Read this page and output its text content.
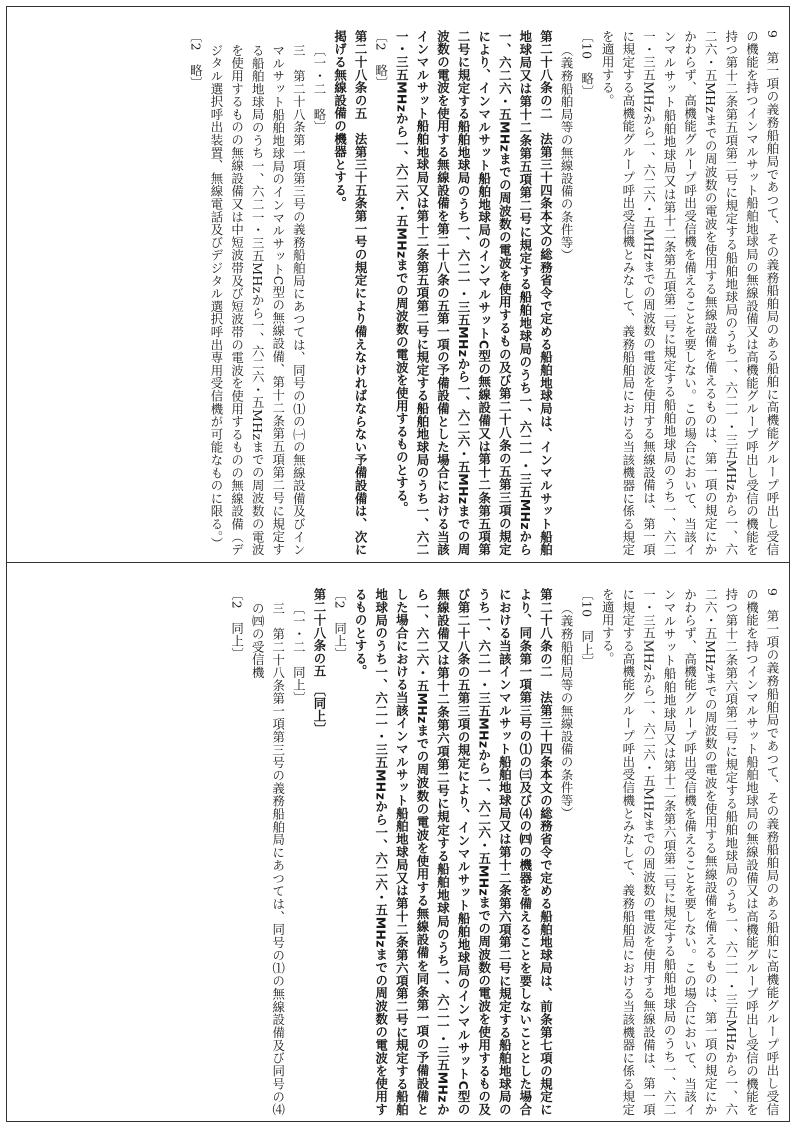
9　第一項の義務船舶局であつて、その義務船舶局のある船舶に高機能グループ呼出し受信の機能を持つインマルサット船舶地球局の無線設備又は高機能グループ呼出し受信の機能を持つ第十二条第五項第二号に規定する船舶地球局のうち一、六二一・三五MHzから一、六二六・五MHzまでの周波数の電波を使用する無線設備を備えるものは、第一項の規定にかかわらず、高機能グループ呼出受信機を備えることを要しない。この場合において、当該インマルサット船舶地球局又は第十二条第五項第二号に規定する船舶地球局のうち一、六二一・三五MHzから一、六二六・五MHzまでの周波数の電波を使用する無線設備は、第一項に規定する高機能グループ呼出受信機とみなして、義務船舶局における当該機器に係る規定を適用する。

〔10　略〕

（義務船舶局等の無線設備の条件等）

第二十八条の二　法第三十四条本文の総務省令で定める船舶地球局は、インマルサット船舶地球局又は第十二条第五項第二号に規定する船舶地球局のうち一、六二一・三五MHzから一、六二六・五MHzまでの周波数の電波を使用するもの及び第二十八条の五第三項の規定により、インマルサット船舶地球局のインマルサットC型の無線設備又は第十二条第五項第二号に規定する船舶地球局のうち一、六二一・三五MHzから一、六二六・五MHzまでの周波数の電波を使用する無線設備を第二十八条の五第一項の予備設備とした場合における当該インマルサット船舶地球局又は第十二条第五項第二号に規定する船舶地球局のうち一、六二一・三五MHzから一、六二六・五MHzまでの周波数の電波を使用するものとする。

〔2　略〕

第二十八条の五　法第三十五条第一号の規定により備えなければならない予備設備は、次に掲げる無線設備の機器とする。

〔一・二　略〕

三　第二十八条第一項第三号の義務船舶局にあつては、同号の⑴の㈠の無線設備及びインマルサット船舶地球局のインマルサットC型の無線設備、第十二条第五項第二号に規定する船舶地球局のうち一、六二一・三五MHzから一、六二六・五MHzまでの周波数の電波を使用するものの無線設備又は中短波帯及び短波帯の電波を使用するものの無線設備（デジタル選択呼出装置、無線電話及びデジタル選択呼出専用受信機が可能なものに限る。）

〔2　略〕

9　第一項の義務船舶局であつて、その義務船舶局のある船舶に高機能グループ呼出し受信の機能を持つインマルサット船舶地球局の無線設備又は高機能グループ呼出し受信の機能を持つ第十二条第六項第二号に規定する船舶地球局のうち一、六二一・三五MHzから一、六二六・五MHzまでの周波数の電波を使用する無線設備を備えるものは、第一項の規定にかかわらず、高機能グループ呼出受信機を備えることを要しない。この場合において、当該インマルサット船舶地球局又は第十二条第六項第二号に規定する船舶地球局のうち一、六二一・三五MHzから一、六二六・五MHzまでの周波数の電波を使用する無線設備は、第一項に規定する高機能グループ呼出受信機とみなして、義務船舶局における当該機器に係る規定を適用する。

〔10　同上〕

（義務船舶局等の無線設備の条件等）

第二十八条の二　法第三十四条本文の総務省令で定める船舶地球局は、前条第七項の規定により、同条第一項第三号の⑴の㈢及び⑷の㈣の機器を備えることを要しないこととした場合における当該インマルサット船舶地球局又は第十二条第六項第二号に規定する船舶地球局のうち一、六二一・三五MHzから一、六二六・五MHzまでの周波数の電波を使用するもの及び第二十八条の五第三項の規定により、インマルサット船舶地球局のインマルサットC型の無線設備又は第十二条第六項第二号に規定する船舶地球局のうち一、六二一・三五MHzから一、六二六・五MHzまでの周波数の電波を使用する無線設備を同条第一項の予備設備とした場合における当該インマルサット船舶地球局又は第十二条第六項第二号に規定する船舶地球局のうち一、六二一・三五MHzから一、六二六・五MHzまでの周波数の電波を使用するものとする。

〔2　同上〕

第二十八条の五　〔同上〕

〔一・二　同上〕

三　第二十八条第一項第三号の義務船舶局にあつては、同号の⑴の無線設備及び同号の⑷の㈣の受信機

〔2　同上〕
